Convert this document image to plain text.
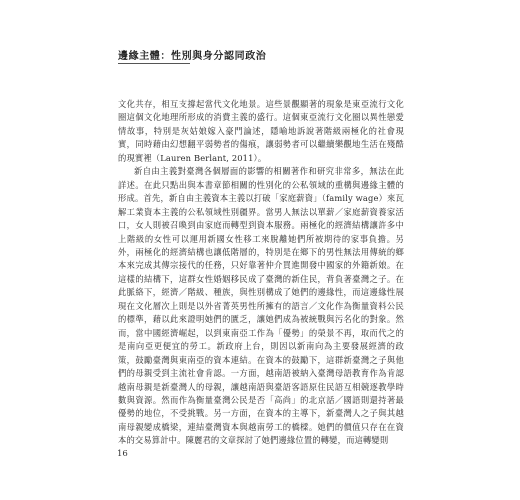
邊緣主體：性別與身分認同政治

文化共存，相互支撐起當代文化地景。這些景觀顯著的現象是東亞流行文化圈這個文化地理所形成的消費主義的盛行。這個東亞流行文化圈以異性戀愛情故事，特別是灰姑娘嫁入豪門論述，隱喻地訴說著階級兩極化的社會現實，同時藉由幻想翻平弱勢者的傷痕，讓弱勢者可以繼續樂觀地生活在殘酷的現實裡（Lauren Berlant, 2011）。

新自由主義對臺灣各個層面的影響的相關著作和研究非常多，無法在此詳述。在此只點出與本書章節相關的性別化的公私領域的重構與邊緣主體的形成。首先，新自由主義資本主義以打破「家庭薪資」（family wage）來瓦解工業資本主義的公私領域性別疆界。當男人無法以單薪／家庭薪資養家活口，女人則被召喚到由家庭而轉型到資本服務。兩極化的經濟結構讓許多中上階級的女性可以運用新國女性移工來脫離她們所被期待的家事負擔。另外，兩極化的經濟結構也讓低階層的，特別是在鄉下的男性無法用傳統的鄉本來完成其傳宗接代的任務，只好靠著仲介買進開發中國家的外籍新娘。在這樣的結構下，這群女性婚姻移民成了臺灣的新住民，背負著臺灣之子。在此脈絡下，經濟／階級、種族，與性別構成了她們的邊緣性，而這邊緣性展現在文化層次上則是以外省菁英男性所擁有的語言／文化作為衡量資料公民的標準，藉以此來證明她們的匱乏，讓她們成為被統戰與污名化的對象。然而，當中國經濟崛起，以到東南亞工作為「優勢」的榮景不再，取而代之的是南向亞更便宜的勞工。新政府上台，則因以新南向為主要發展經濟的政策，鼓勵臺灣與東南亞的資本連結。在資本的鼓勵下，這群新臺灣之子與他們的母親受到主流社會肯認。一方面，越南語被納入臺灣母語教育作為肯認越南母親是新臺灣人的母親，讓越南語與臺語客語原住民語互相競逐教學時數與資源。然而作為衡量臺灣公民是否「高尚」的北京話／國語則還持著最優勢的地位，不受挑戰。另一方面，在資本的主導下，新臺灣人之子與其越南母親變成橋梁，連結臺灣資本與越南勞工的橋樑。她們的價值只存在在資本的交易算計中。陳麗君的文章探討了她們邊緣位置的轉變，而這轉變則

16
